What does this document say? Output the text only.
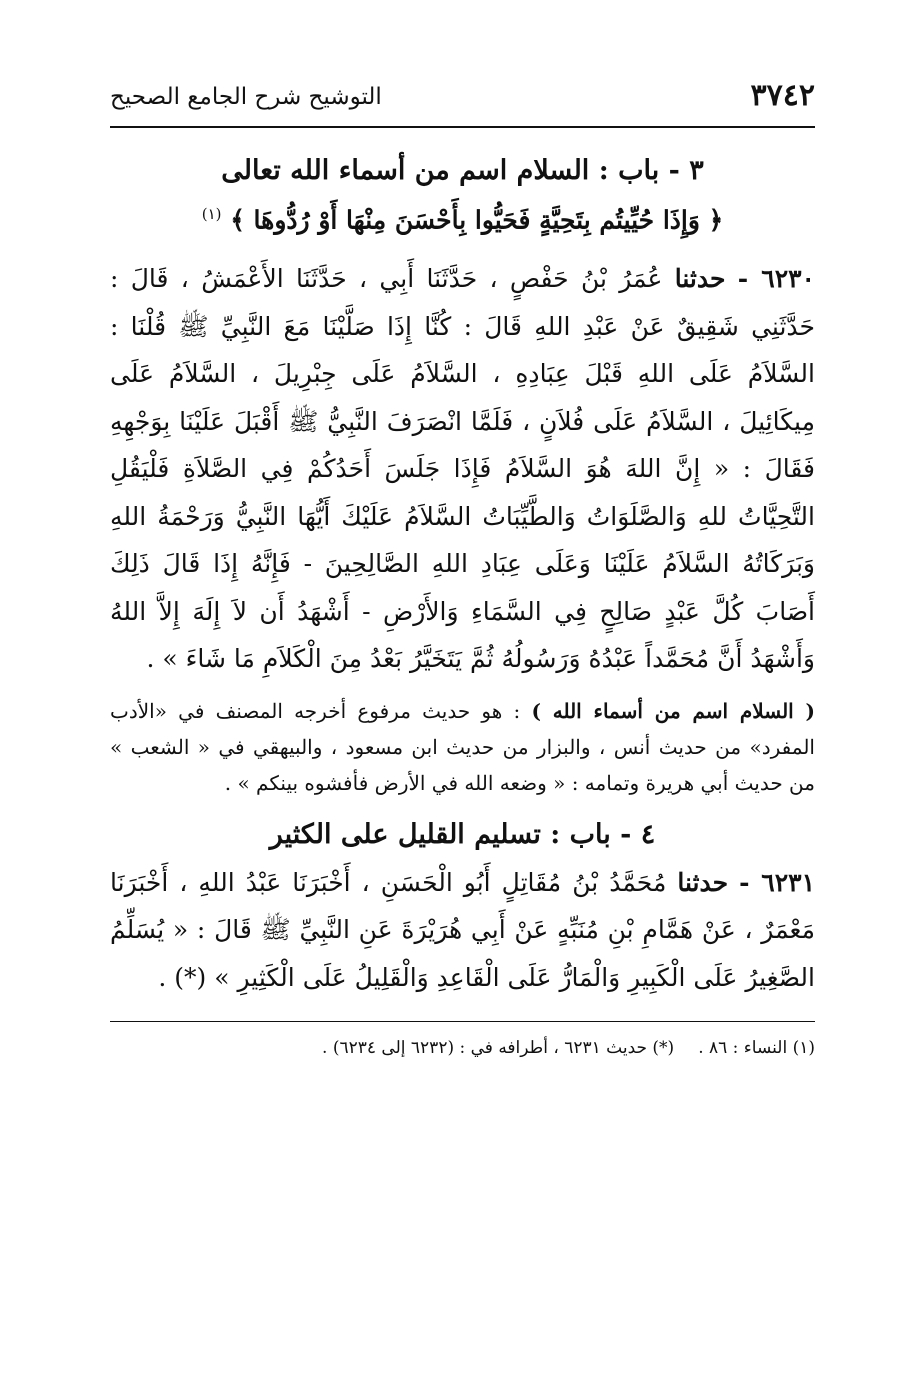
٣٧٤٢
التوشيح شرح الجامع الصحيح
٣ - باب : السلام اسم من أسماء الله تعالى

﴿ وَإِذَا حُيِّيتُم بِتَحِيَّةٍ فَحَيُّوا بِأَحْسَنَ مِنْهَا أَوْ رُدُّوهَا ﴾ $^{(١)}$

٦٢٣٠ - حدثنا عُمَرُ بْنُ حَفْصٍ ، حَدَّثَنَا أَبِي ، حَدَّثَنَا الأَعْمَشُ ، قَالَ : حَدَّثَنِي شَقِيقٌ عَنْ عَبْدِ اللهِ قَالَ : كُنَّا إِذَا صَلَّيْنَا مَعَ النَّبِيِّ ﷺ قُلْنَا : السَّلاَمُ عَلَى اللهِ قَبْلَ عِبَادِهِ ، السَّلاَمُ عَلَى جِبْرِيلَ ، السَّلاَمُ عَلَى مِيكَائِيلَ ، السَّلاَمُ عَلَى فُلاَنٍ ، فَلَمَّا انْصَرَفَ النَّبِيُّ ﷺ أَقْبَلَ عَلَيْنَا بِوَجْهِهِ فَقَالَ : « إِنَّ اللهَ هُوَ السَّلاَمُ فَإِذَا جَلَسَ أَحَدُكُمْ فِي الصَّلاَةِ فَلْيَقُلِ التَّحِيَّاتُ للهِ وَالصَّلَوَاتُ وَالطَّيِّبَاتُ السَّلاَمُ عَلَيْكَ أَيُّهَا النَّبِيُّ وَرَحْمَةُ اللهِ وَبَرَكَاتُهُ السَّلاَمُ عَلَيْنَا وَعَلَى عِبَادِ اللهِ الصَّالِحِينَ - فَإِنَّهُ إِذَا قَالَ ذَلِكَ أَصَابَ كُلَّ عَبْدٍ صَالِحٍ فِي السَّمَاءِ وَالأَرْضِ - أَشْهَدُ أَن لاَ إِلَهَ إِلاَّ اللهُ وَأَشْهَدُ أَنَّ مُحَمَّداً عَبْدُهُ وَرَسُولُهُ ثُمَّ يَتَخَيَّرُ بَعْدُ مِنَ الْكَلاَمِ مَا شَاءَ » .

( السلام اسم من أسماء الله ) : هو حديث مرفوع أخرجه المصنف في «الأدب المفرد» من حديث أنس ، والبزار من حديث ابن مسعود ، والبيهقي في « الشعب » من حديث أبي هريرة وتمامه : « وضعه الله في الأرض فأفشوه بينكم » .

٤ - باب : تسليم القليل على الكثير

٦٢٣١ - حدثنا مُحَمَّدُ بْنُ مُقَاتِلٍ أَبُو الْحَسَنِ ، أَخْبَرَنَا عَبْدُ اللهِ ، أَخْبَرَنَا مَعْمَرٌ ، عَنْ هَمَّامِ بْنِ مُنَبِّهٍ عَنْ أَبِي هُرَيْرَةَ عَنِ النَّبِيِّ ﷺ قَالَ : « يُسَلِّمُ الصَّغِيرُ عَلَى الْكَبِيرِ وَالْمَارُّ عَلَى الْقَاعِدِ وَالْقَلِيلُ عَلَى الْكَثِيرِ » (*) .

(١) النساء : ٨٦ .(*) حديث ٦٢٣١ ، أطرافه في : (٦٢٣٢ إلى ٦٢٣٤) .
